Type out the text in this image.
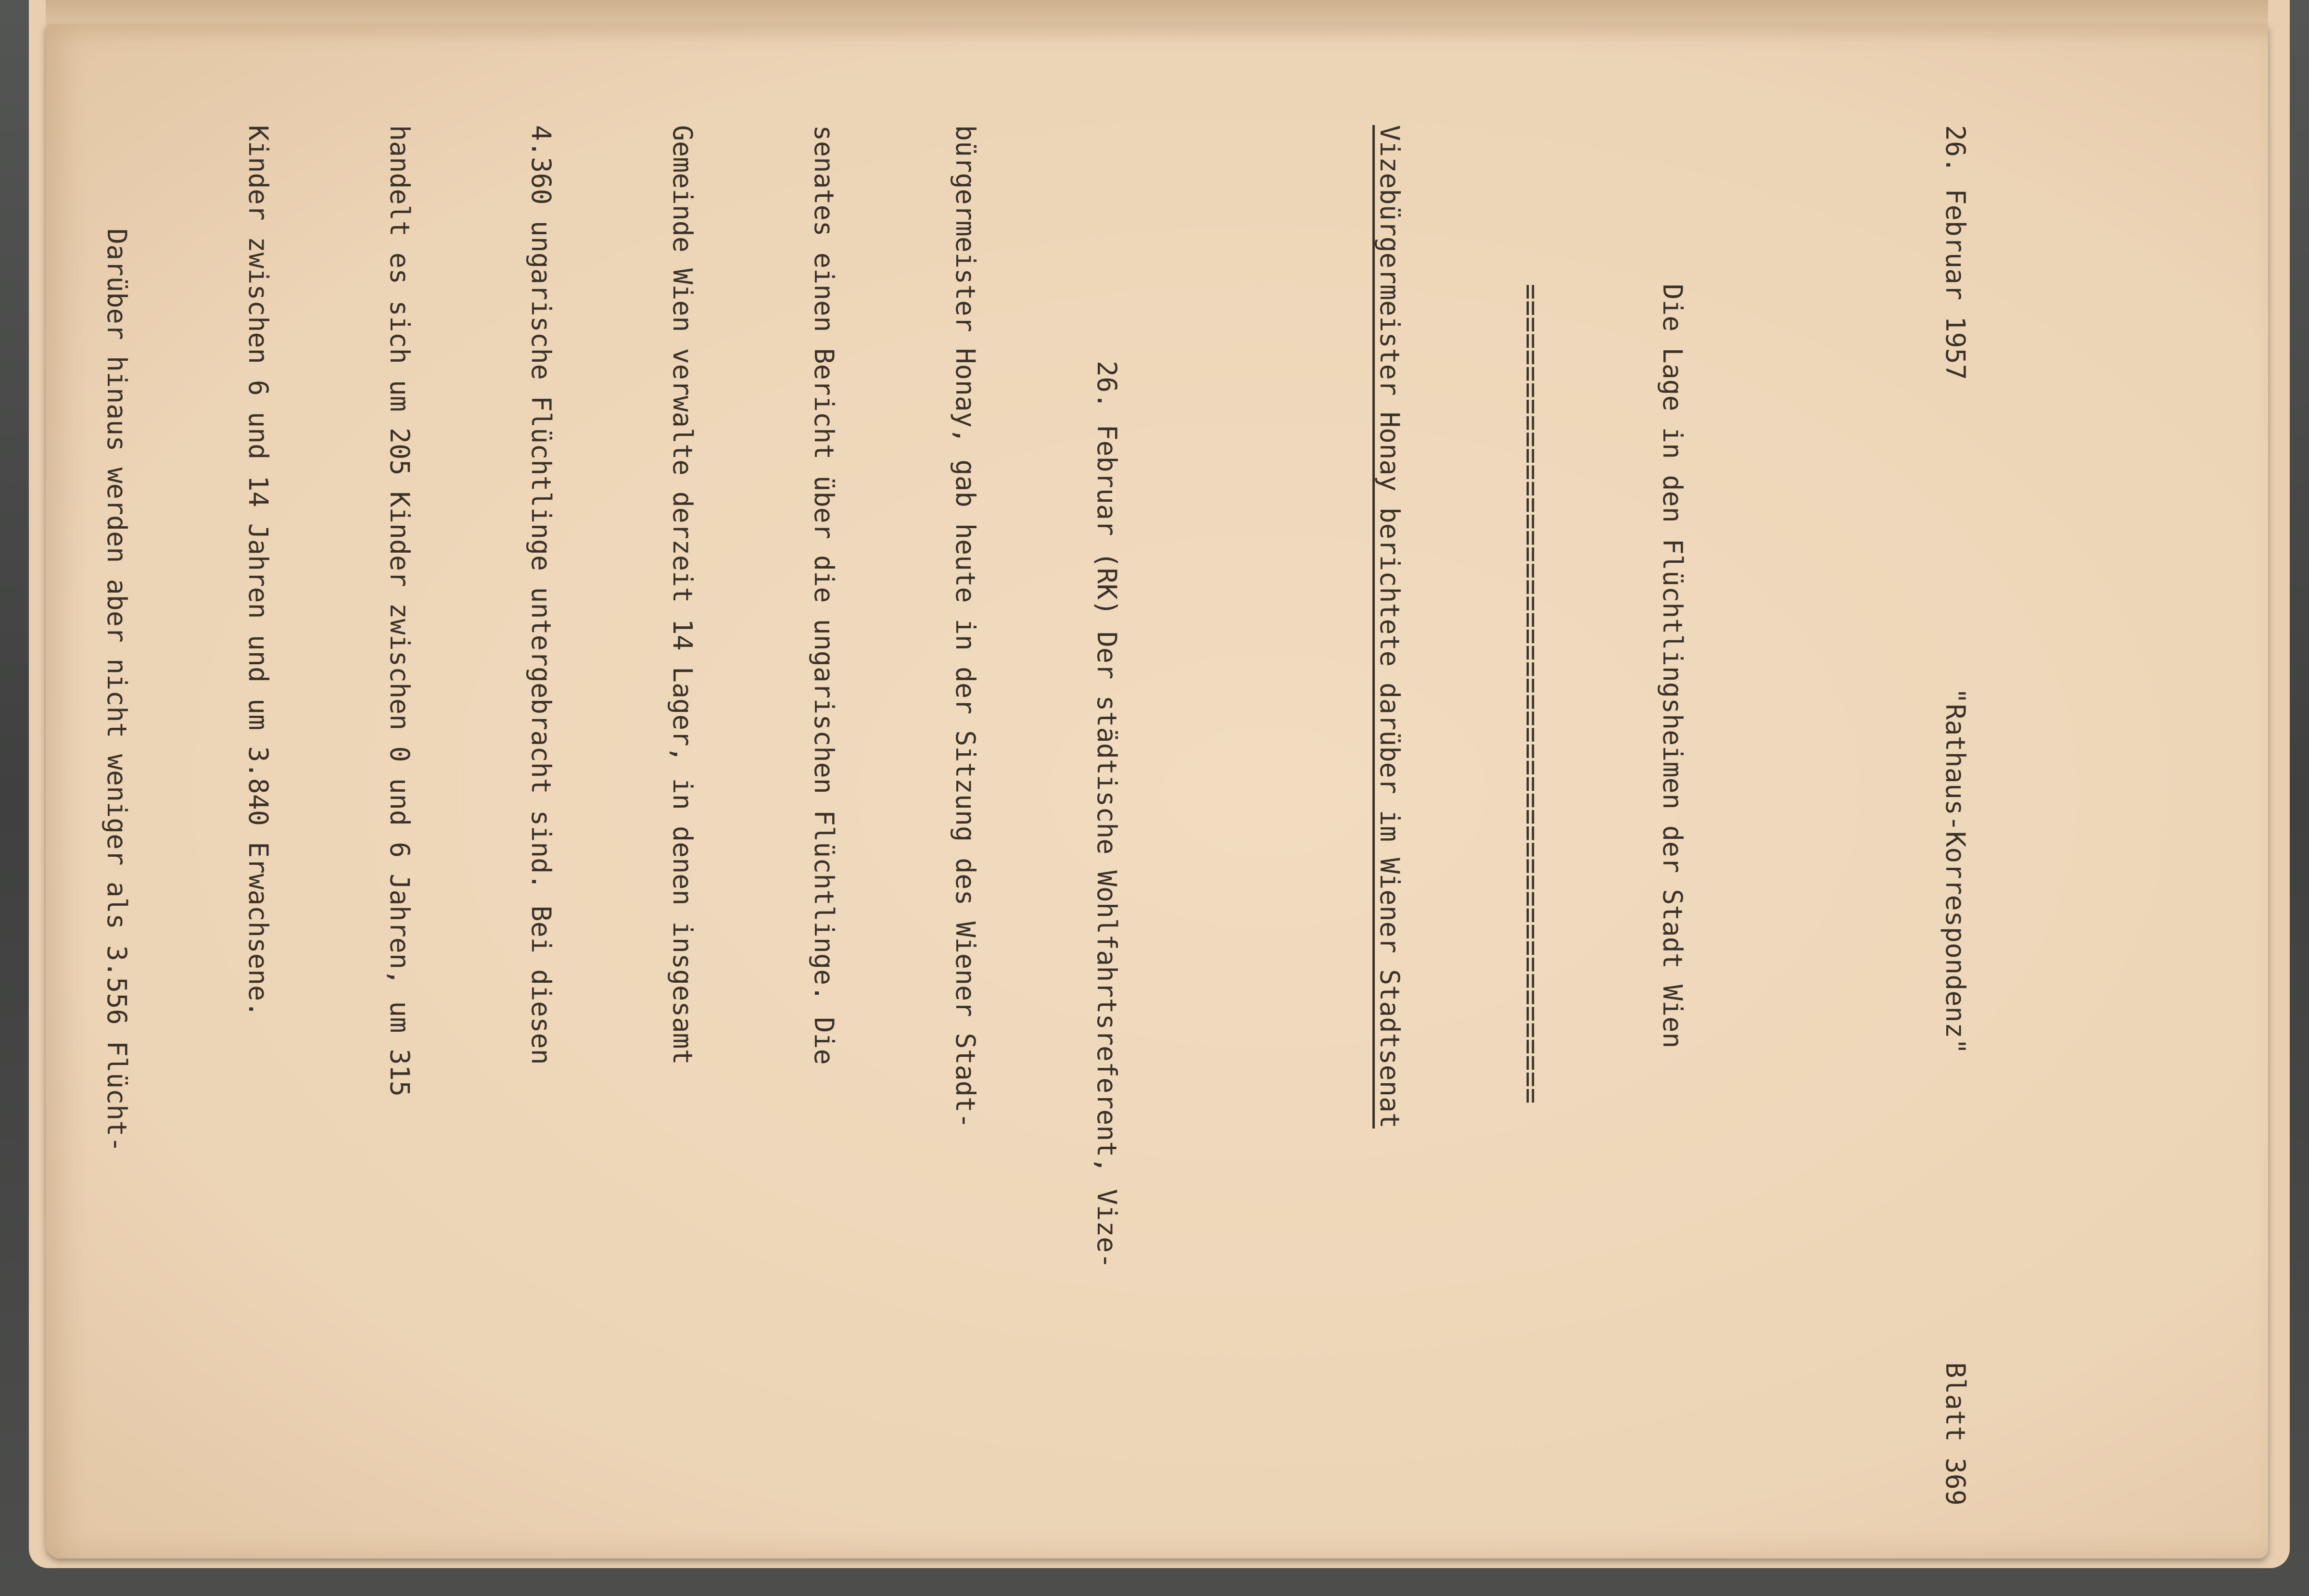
26. Februar 1957
"Rathaus-Korrespondenz"
Blatt 369

Die Lage in den Flüchtlingsheimen der Stadt Wien

==================================================

Vizebürgermeister Honay berichtete darüber im Wiener Stadtsenat

26. Februar (RK) Der städtische Wohlfahrtsreferent, Vize-

bürgermeister Honay, gab heute in der Sitzung des Wiener Stadt-

senates einen Bericht über die ungarischen Flüchtlinge. Die

Gemeinde Wien verwalte derzeit 14 Lager, in denen insgesamt

4.360 ungarische Flüchtlinge untergebracht sind. Bei diesen

handelt es sich um 205 Kinder zwischen 0 und 6 Jahren, um 315

Kinder zwischen 6 und 14 Jahren und um 3.840 Erwachsene.

Darüber hinaus werden aber nicht weniger als 3.556 Flücht-
